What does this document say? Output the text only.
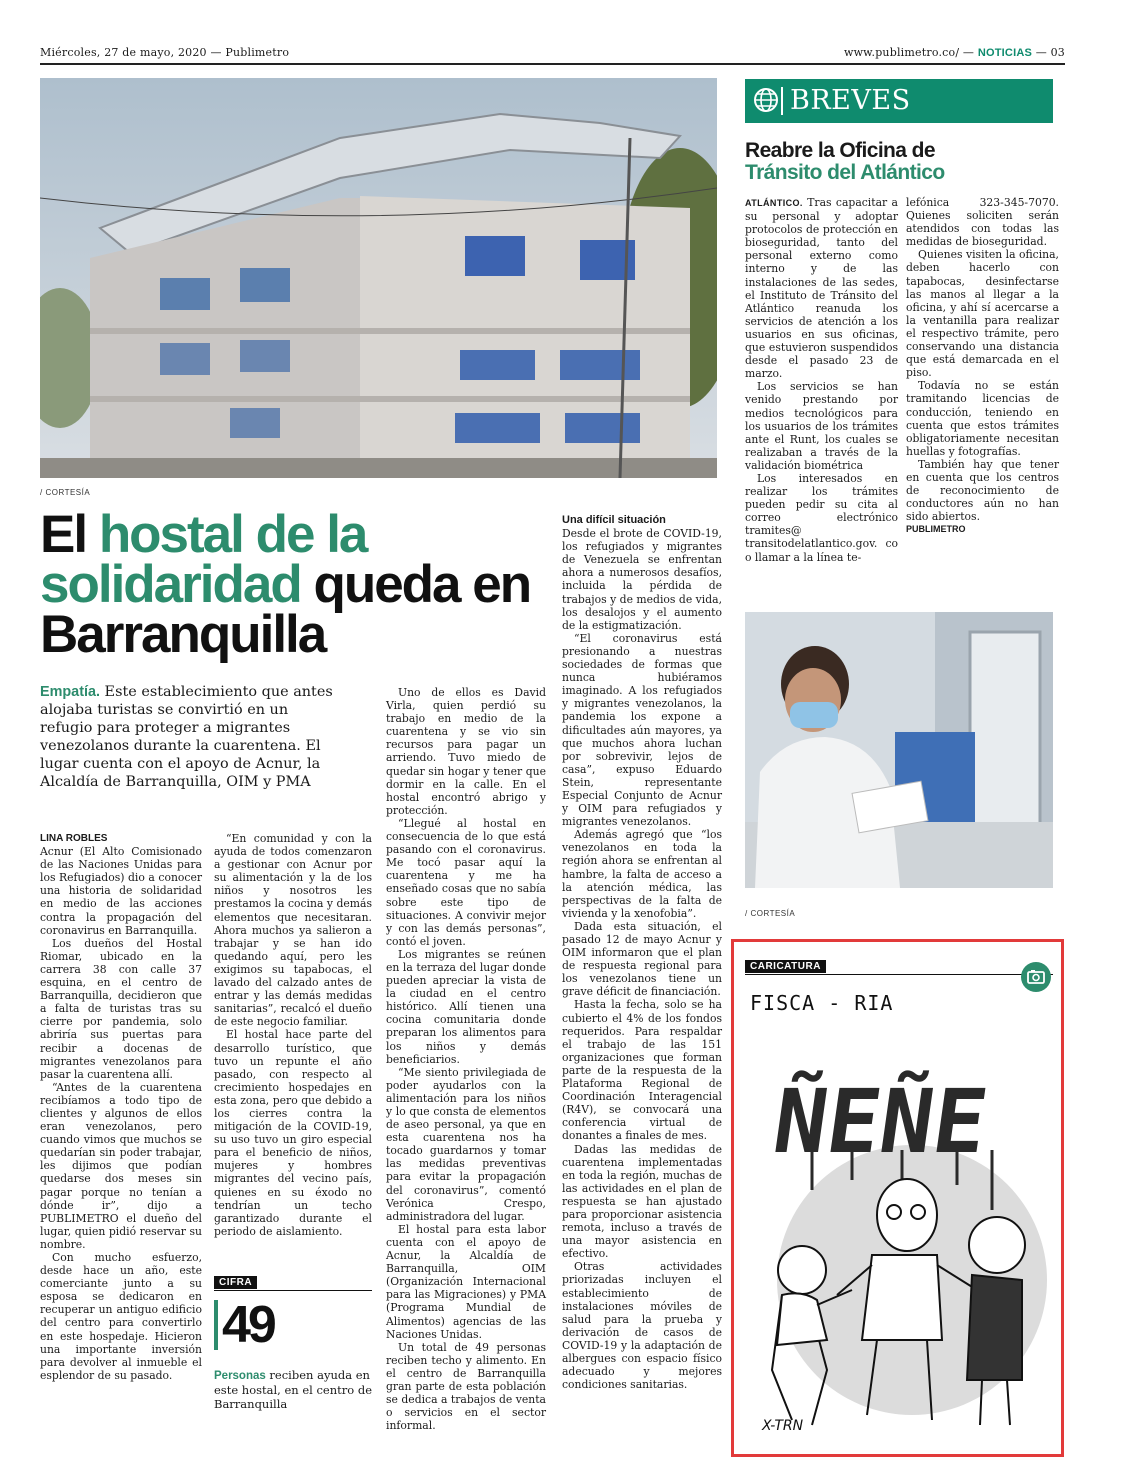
Miércoles, 27 de mayo, 2020 — Publimetro	www.publimetro.co/ — NOTICIAS — 03
/ CORTESÍA
El hostal de la solidaridad queda en Barranquilla
Empatía. Este establecimiento que antes alojaba turistas se convirtió en un refugio para proteger a migrantes venezolanos durante la cuarentena. El lugar cuenta con el apoyo de Acnur, la Alcaldía de Barranquilla, OIM y PMA

LINA ROBLES

Acnur (El Alto Comisionado de las Naciones Unidas para los Refugiados) dio a conocer una historia de solidaridad en medio de las acciones contra la propagación del coronavirus en Barranquilla.

Los dueños del Hostal Riomar, ubicado en la carrera 38 con calle 37 esquina, en el centro de Barranquilla, decidieron que a falta de turistas tras su cierre por pandemia, solo abriría sus puertas para recibir a docenas de migrantes venezolanos para pasar la cuarentena allí.

“Antes de la cuarentena recibíamos a todo tipo de clientes y algunos de ellos eran venezolanos, pero cuando vimos que muchos se quedarían sin poder trabajar, les dijimos que podían quedarse dos meses sin pagar porque no tenían a dónde ir”, dijo a PUBLIMETRO el dueño del lugar, quien pidió reservar su nombre.

Con mucho esfuerzo, desde hace un año, este comerciante junto a su esposa se dedicaron en recuperar un antiguo edificio del centro para convertirlo en este hospedaje. Hicieron una importante inversión para devolver al inmueble el esplendor de su pasado.

“En comunidad y con la ayuda de todos comenzaron a gestionar con Acnur por su alimentación y la de los niños y nosotros les prestamos la cocina y demás elementos que necesitaran. Ahora muchos ya salieron a trabajar y se han ido quedando aquí, pero les exigimos su tapabocas, el lavado del calzado antes de entrar y las demás medidas sanitarias”, recalcó el dueño de este negocio familiar.

El hostal hace parte del desarrollo turístico, que tuvo un repunte el año pasado, con respecto al crecimiento hospedajes en esta zona, pero que debido a los cierres contra la mitigación de la COVID-19, su uso tuvo un giro especial para el beneficio de niños, mujeres y hombres migrantes del vecino país, quienes en su éxodo no tendrían un techo garantizado durante el periodo de aislamiento.

Uno de ellos es David Virla, quien perdió su trabajo en medio de la cuarentena y se vio sin recursos para pagar un arriendo. Tuvo miedo de quedar sin hogar y tener que dormir en la calle. En el hostal encontró abrigo y protección.

“Llegué al hostal en consecuencia de lo que está pasando con el coronavirus. Me tocó pasar aquí la cuarentena y me ha enseñado cosas que no sabía sobre este tipo de situaciones. A convivir mejor y con las demás personas”, contó el joven.

Los migrantes se reúnen en la terraza del lugar donde pueden apreciar la vista de la ciudad en el centro histórico. Allí tienen una cocina comunitaria donde preparan los alimentos para los niños y demás beneficiarios.

“Me siento privilegiada de poder ayudarlos con la alimentación para los niños y lo que consta de elementos de aseo personal, ya que en esta cuarentena nos ha tocado guardarnos y tomar las medidas preventivas para evitar la propagación del coronavirus”, comentó Verónica Crespo, administradora del lugar.

El hostal para esta labor cuenta con el apoyo de Acnur, la Alcaldía de Barranquilla, OIM (Organización Internacional para las Migraciones) y PMA (Programa Mundial de Alimentos) agencias de las Naciones Unidas.

Un total de 49 personas reciben techo y alimento. En el centro de Barranquilla gran parte de esta población se dedica a trabajos de venta o servicios en el sector informal.

Una difícil situación

Desde el brote de COVID-19, los refugiados y migrantes de Venezuela se enfrentan ahora a numerosos desafíos, incluida la pérdida de trabajos y de medios de vida, los desalojos y el aumento de la estigmatización.

“El coronavirus está presionando a nuestras sociedades de formas que nunca hubiéramos imaginado. A los refugiados y migrantes venezolanos, la pandemia los expone a dificultades aún mayores, ya que muchos ahora luchan por sobrevivir, lejos de casa”, expuso Eduardo Stein, representante Especial Conjunto de Acnur y OIM para refugiados y migrantes venezolanos.

Además agregó que “los venezolanos en toda la región ahora se enfrentan al hambre, la falta de acceso a la atención médica, las perspectivas de la falta de vivienda y la xenofobia”.

Dada esta situación, el pasado 12 de mayo Acnur y OIM informaron que el plan de respuesta regional para los venezolanos tiene un grave déficit de financiación.

Hasta la fecha, solo se ha cubierto el 4% de los fondos requeridos. Para respaldar el trabajo de las 151 organizaciones que forman parte de la respuesta de la Plataforma Regional de Coordinación Interagencial (R4V), se convocará una conferencia virtual de donantes a finales de mes.

Dadas las medidas de cuarentena implementadas en toda la región, muchas de las actividades en el plan de respuesta se han ajustado para proporcionar asistencia remota, incluso a través de una mayor asistencia en efectivo.

Otras actividades priorizadas incluyen el establecimiento de instalaciones móviles de salud para la prueba y derivación de casos de COVID-19 y la adaptación de albergues con espacio físico adecuado y mejores condiciones sanitarias.

CIFRA
49
Personas reciben ayuda en este hostal, en el centro de Barranquilla
BREVES
Reabre la Oficina de
Tránsito del Atlántico

ATLÁNTICO. Tras capacitar a su personal y adoptar protocolos de protección en bioseguridad, tanto del personal externo como interno y de las instalaciones de las sedes, el Instituto de Tránsito del Atlántico reanuda los servicios de atención a los usuarios en sus oficinas, que estuvieron suspendidos desde el pasado 23 de marzo.

Los servicios se han venido prestando por medios tecnológicos para los usuarios de los trámites ante el Runt, los cuales se realizaban a través de la validación biométrica

Los interesados en realizar los trámites pueden pedir su cita al correo electrónico tramites@ transitodelatlantico.gov. co o llamar a la línea te-

lefónica 323-345-7070. Quienes soliciten serán atendidos con todas las medidas de bioseguridad.

Quienes visiten la oficina, deben hacerlo con tapabocas, desinfectarse las manos al llegar a la oficina, y ahí sí acercarse a la ventanilla para realizar el respectivo trámite, pero conservando una distancia que está demarcada en el piso.

Todavía no se están tramitando licencias de conducción, teniendo en cuenta que estos trámites obligatoriamente necesitan huellas y fotografías.

También hay que tener en cuenta que los centros de reconocimiento de conductores aún no han sido abiertos.

PUBLIMETRO

/ CORTESÍA
CARICATURA
FISCA - RIA
ÑEÑE
X-TRN
